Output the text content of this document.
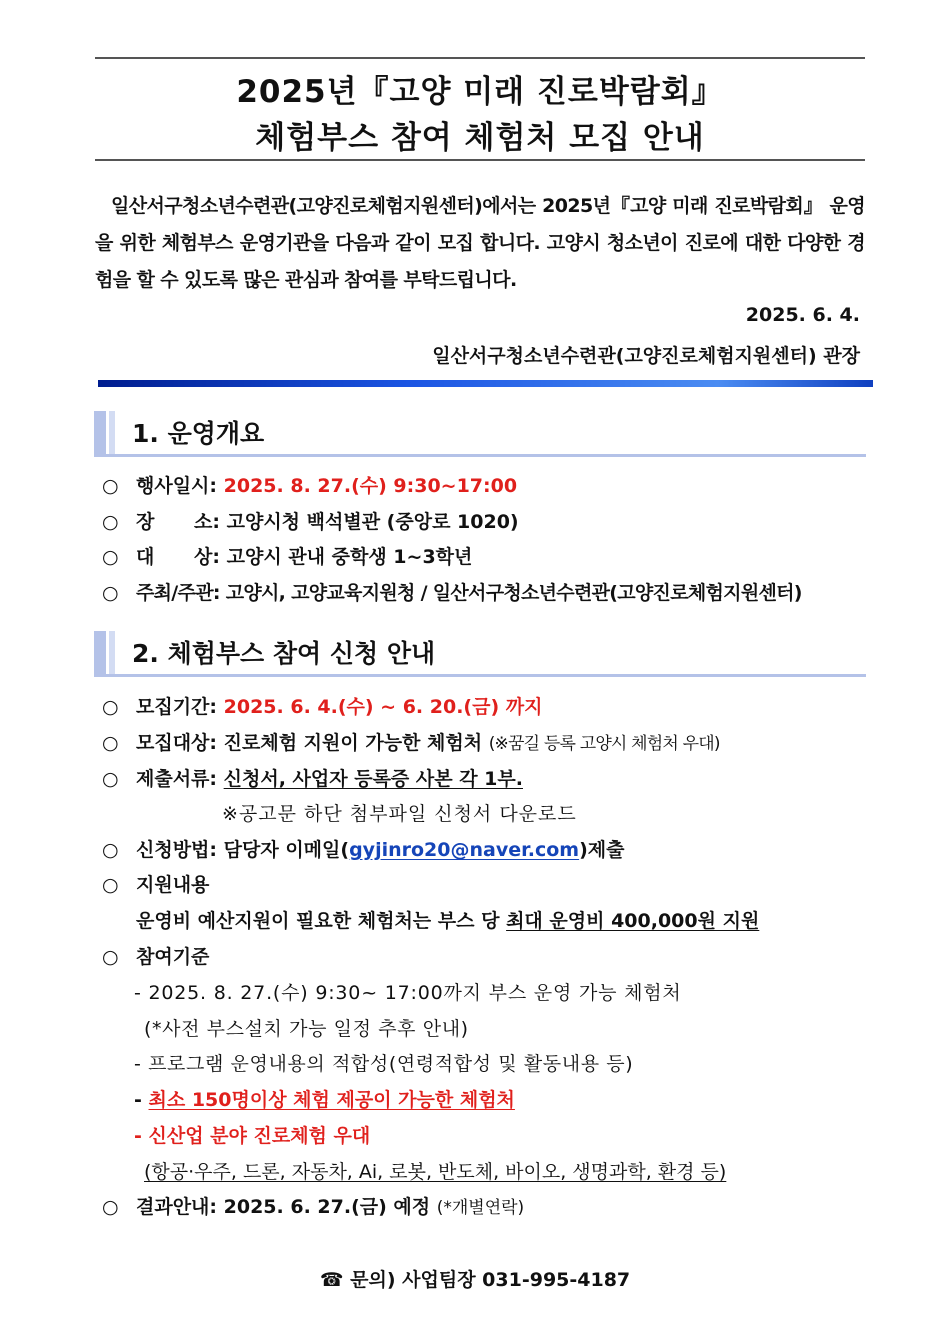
2025년『고양 미래 진로박람회』
체험부스 참여 체험처 모집 안내
일산서구청소년수련관(고양진로체험지원센터)에서는 2025년『고양 미래 진로박람회』 운영을 위한 체험부스 운영기관을 다음과 같이 모집 합니다. 고양시 청소년이 진로에 대한 다양한 경험을 할 수 있도록 많은 관심과 참여를 부탁드립니다.
2025. 6. 4.
일산서구청소년수련관(고양진로체험지원센터) 관장
1. 운영개요
○ 행사일시: 2025. 8. 27.(수) 9:30~17:00
○ 장      소: 고양시청 백석별관 (중앙로 1020)
○ 대      상: 고양시 관내 중학생 1~3학년
○ 주최/주관: 고양시, 고양교육지원청 / 일산서구청소년수련관(고양진로체험지원센터)
2. 체험부스 참여 신청 안내
○ 모집기간: 2025. 6. 4.(수) ~ 6. 20.(금) 까지
○ 모집대상: 진로체험 지원이 가능한 체험처 (※꿈길 등록 고양시 체험처 우대)
○ 제출서류: 신청서, 사업자 등록증 사본 각 1부.
※공고문 하단 첨부파일 신청서 다운로드
○ 신청방법: 담당자 이메일(gyjinro20@naver.com)제출
○ 지원내용
운영비 예산지원이 필요한 체험처는 부스 당 최대 운영비 400,000원 지원
○ 참여기준
- 2025. 8. 27.(수) 9:30~ 17:00까지 부스 운영 가능 체험처
(*사전 부스설치 가능 일정 추후 안내)
- 프로그램 운영내용의 적합성(연령적합성 및 활동내용 등)
- 최소 150명이상 체험 제공이 가능한 체험처
- 신산업 분야 진로체험 우대
(항공·우주, 드론, 자동차, Ai, 로봇, 반도체, 바이오, 생명과학, 환경 등)
○ 결과안내: 2025. 6. 27.(금) 예정 (*개별연락)
☎ 문의) 사업팀장 031-995-4187
